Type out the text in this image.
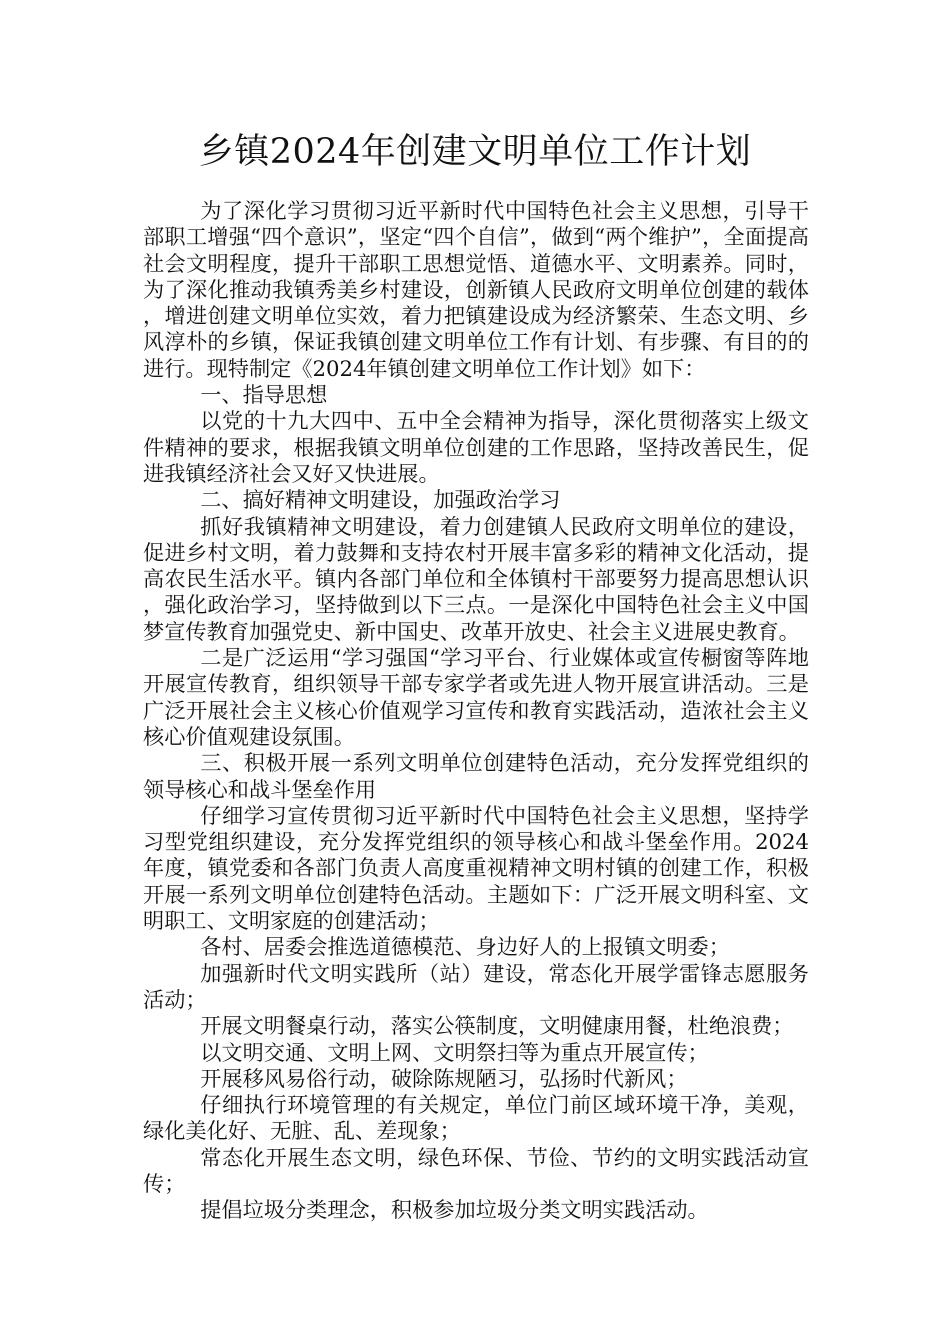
乡镇2024年创建文明单位工作计划

为了深化学习贯彻习近平新时代中国特色社会主义思想，引导干部职工增强“四个意识”，坚定“四个自信”，做到“两个维护”，全面提高社会文明程度，提升干部职工思想觉悟、道德水平、文明素养。同时，为了深化推动我镇秀美乡村建设，创新镇人民政府文明单位创建的载体，增进创建文明单位实效，着力把镇建设成为经济繁荣、生态文明、乡风淳朴的乡镇，保证我镇创建文明单位工作有计划、有步骤、有目的的进行。现特制定《2024年镇创建文明单位工作计划》如下：

一、指导思想

以党的十九大四中、五中全会精神为指导，深化贯彻落实上级文件精神的要求，根据我镇文明单位创建的工作思路，坚持改善民生，促进我镇经济社会又好又快进展。

二、搞好精神文明建设，加强政治学习

抓好我镇精神文明建设，着力创建镇人民政府文明单位的建设，促进乡村文明，着力鼓舞和支持农村开展丰富多彩的精神文化活动，提高农民生活水平。镇内各部门单位和全体镇村干部要努力提高思想认识，强化政治学习，坚持做到以下三点。一是深化中国特色社会主义中国梦宣传教育加强党史、新中国史、改革开放史、社会主义进展史教育。

二是广泛运用“学习强国“学习平台、行业媒体或宣传橱窗等阵地开展宣传教育，组织领导干部专家学者或先进人物开展宣讲活动。三是广泛开展社会主义核心价值观学习宣传和教育实践活动，造浓社会主义核心价值观建设氛围。

三、积极开展一系列文明单位创建特色活动，充分发挥党组织的领导核心和战斗堡垒作用

仔细学习宣传贯彻习近平新时代中国特色社会主义思想，坚持学习型党组织建设，充分发挥党组织的领导核心和战斗堡垒作用。2024年度，镇党委和各部门负责人高度重视精神文明村镇的创建工作，积极开展一系列文明单位创建特色活动。主题如下：广泛开展文明科室、文明职工、文明家庭的创建活动；

各村、居委会推选道德模范、身边好人的上报镇文明委；

加强新时代文明实践所（站）建设，常态化开展学雷锋志愿服务活动；

开展文明餐桌行动，落实公筷制度，文明健康用餐，杜绝浪费；

以文明交通、文明上网、文明祭扫等为重点开展宣传；

开展移风易俗行动，破除陈规陋习，弘扬时代新风；

仔细执行环境管理的有关规定，单位门前区域环境干净，美观，绿化美化好、无脏、乱、差现象；

常态化开展生态文明，绿色环保、节俭、节约的文明实践活动宣传；

提倡垃圾分类理念，积极参加垃圾分类文明实践活动。
